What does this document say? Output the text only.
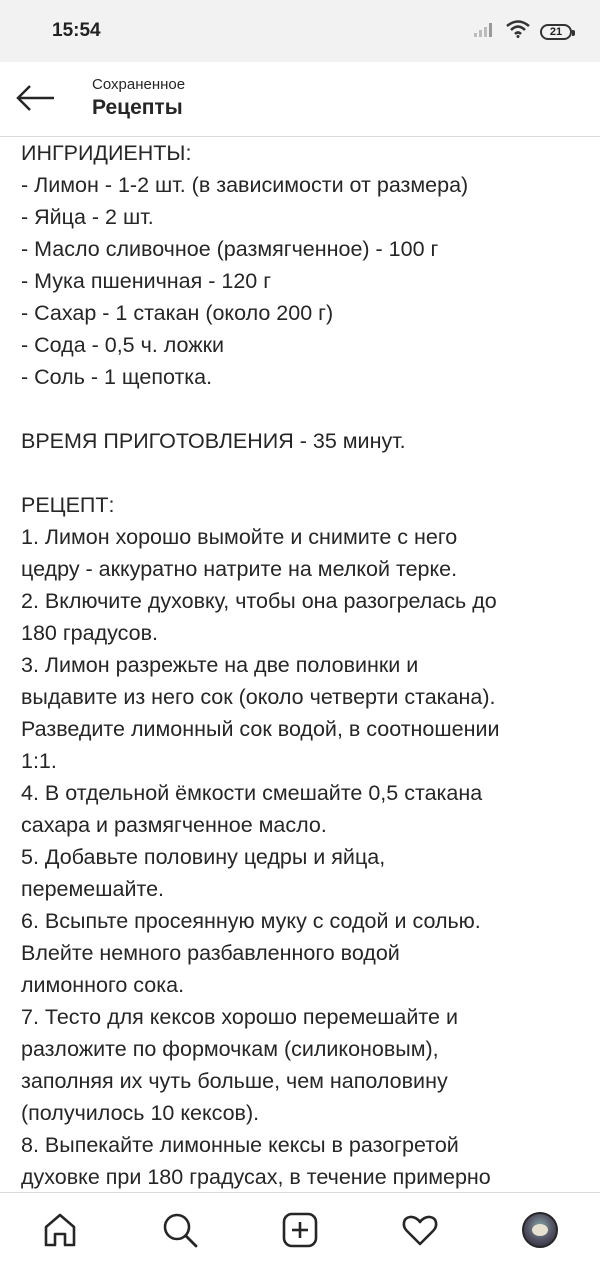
15:54	21
Сохраненное
Рецепты
ИНГРИДИЕНТЫ:
- Лимон - 1-2 шт. (в зависимости от размера)
- Яйца - 2 шт.
- Масло сливочное (размягченное) - 100 г
- Мука пшеничная - 120 г
- Сахар - 1 стакан (около 200 г)
- Сода - 0,5 ч. ложки
- Соль - 1 щепотка.
ВРЕМЯ ПРИГОТОВЛЕНИЯ - 35 минут.
РЕЦЕПТ:
1. Лимон хорошо вымойте и снимите с него
цедру - аккуратно натрите на мелкой терке.
2. Включите духовку, чтобы она разогрелась до
180 градусов.
3. Лимон разрежьте на две половинки и
выдавите из него сок (около четверти стакана).
Разведите лимонный сок водой, в соотношении
1:1.
4. В отдельной ёмкости смешайте 0,5 стакана
сахара и размягченное масло.
5. Добавьте половину цедры и яйца,
перемешайте.
6. Всыпьте просеянную муку с содой и солью.
Влейте немного разбавленного водой
лимонного сока.
7. Тесто для кексов хорошо перемешайте и
разложите по формочкам (силиконовым),
заполняя их чуть больше, чем наполовину
(получилось 10 кексов).
8. Выпекайте лимонные кексы в разогретой
духовке при 180 градусах, в течение примерно
